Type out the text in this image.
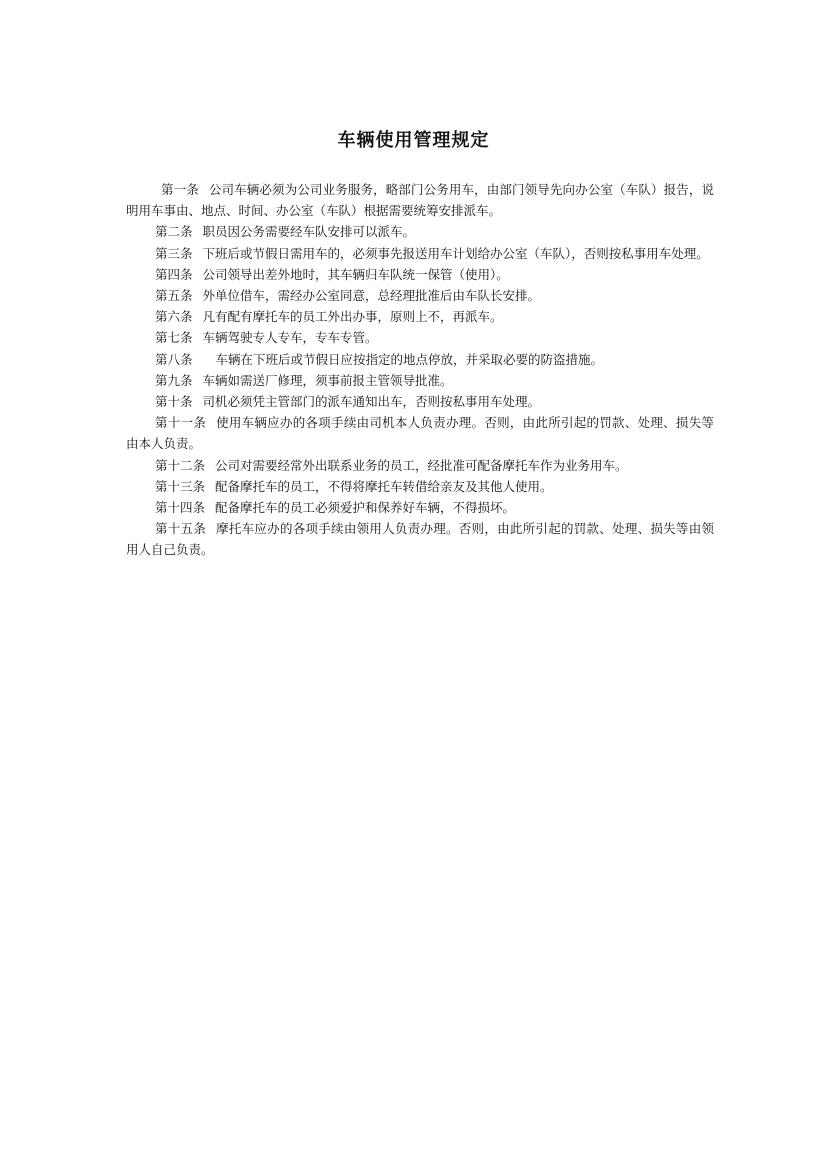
车辆使用管理规定

第一条 公司车辆必须为公司业务服务，略部门公务用车，由部门领导先向办公室（车队）报告，说明用车事由、地点、时间、办公室（车队）根据需要统筹安排派车。

第二条 职员因公务需要经车队安排可以派车。

第三条 下班后或节假日需用车的，必须事先报送用车计划给办公室（车队），否则按私事用车处理。

第四条 公司领导出差外地时，其车辆归车队统一保管（使用）。

第五条 外单位借车，需经办公室同意，总经理批准后由车队长安排。

第六条 凡有配有摩托车的员工外出办事，原则上不，再派车。

第七条 车辆驾驶专人专车，专车专管。

第八条 车辆在下班后或节假日应按指定的地点停放，并采取必要的防盗措施。

第九条 车辆如需送厂修理，须事前报主管领导批准。

第十条 司机必须凭主管部门的派车通知出车，否则按私事用车处理。

第十一条 使用车辆应办的各项手续由司机本人负责办理。否则，由此所引起的罚款、处理、损失等由本人负责。

第十二条 公司对需要经常外出联系业务的员工，经批准可配备摩托车作为业务用车。

第十三条 配备摩托车的员工，不得将摩托车转借给亲友及其他人使用。

第十四条 配备摩托车的员工必须爱护和保养好车辆，不得损坏。

第十五条 摩托车应办的各项手续由领用人负责办理。否则，由此所引起的罚款、处理、损失等由领用人自己负责。
